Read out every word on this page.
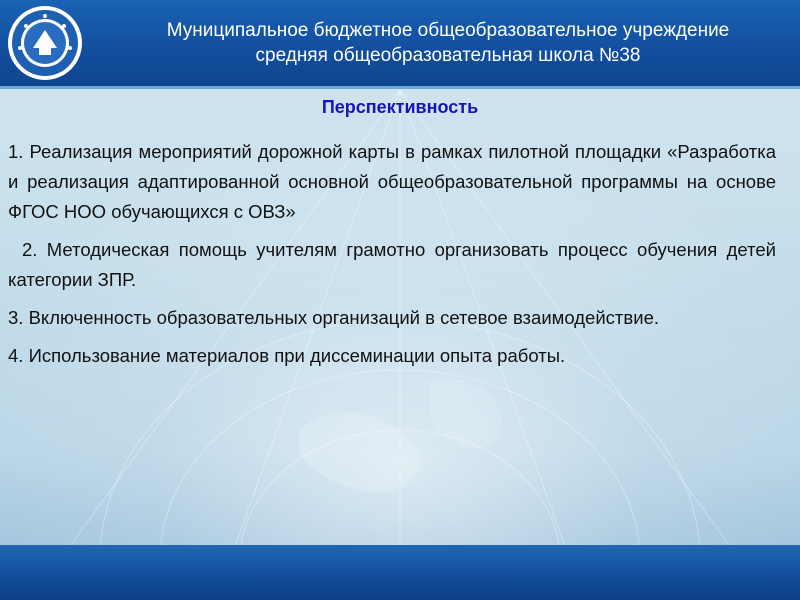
Муниципальное бюджетное общеобразовательное учреждение
средняя общеобразовательная школа №38
Перспективность

1. Реализация мероприятий дорожной карты в рамках пилотной площадки «Разработка и реализация адаптированной основной общеобразовательной программы на основе ФГОС НОО обучающихся с ОВЗ»

2. Методическая помощь учителям грамотно организовать процесс обучения детей категории ЗПР.

3. Включенность образовательных организаций в сетевое взаимодействие.

4. Использование материалов при диссеминации опыта работы.
